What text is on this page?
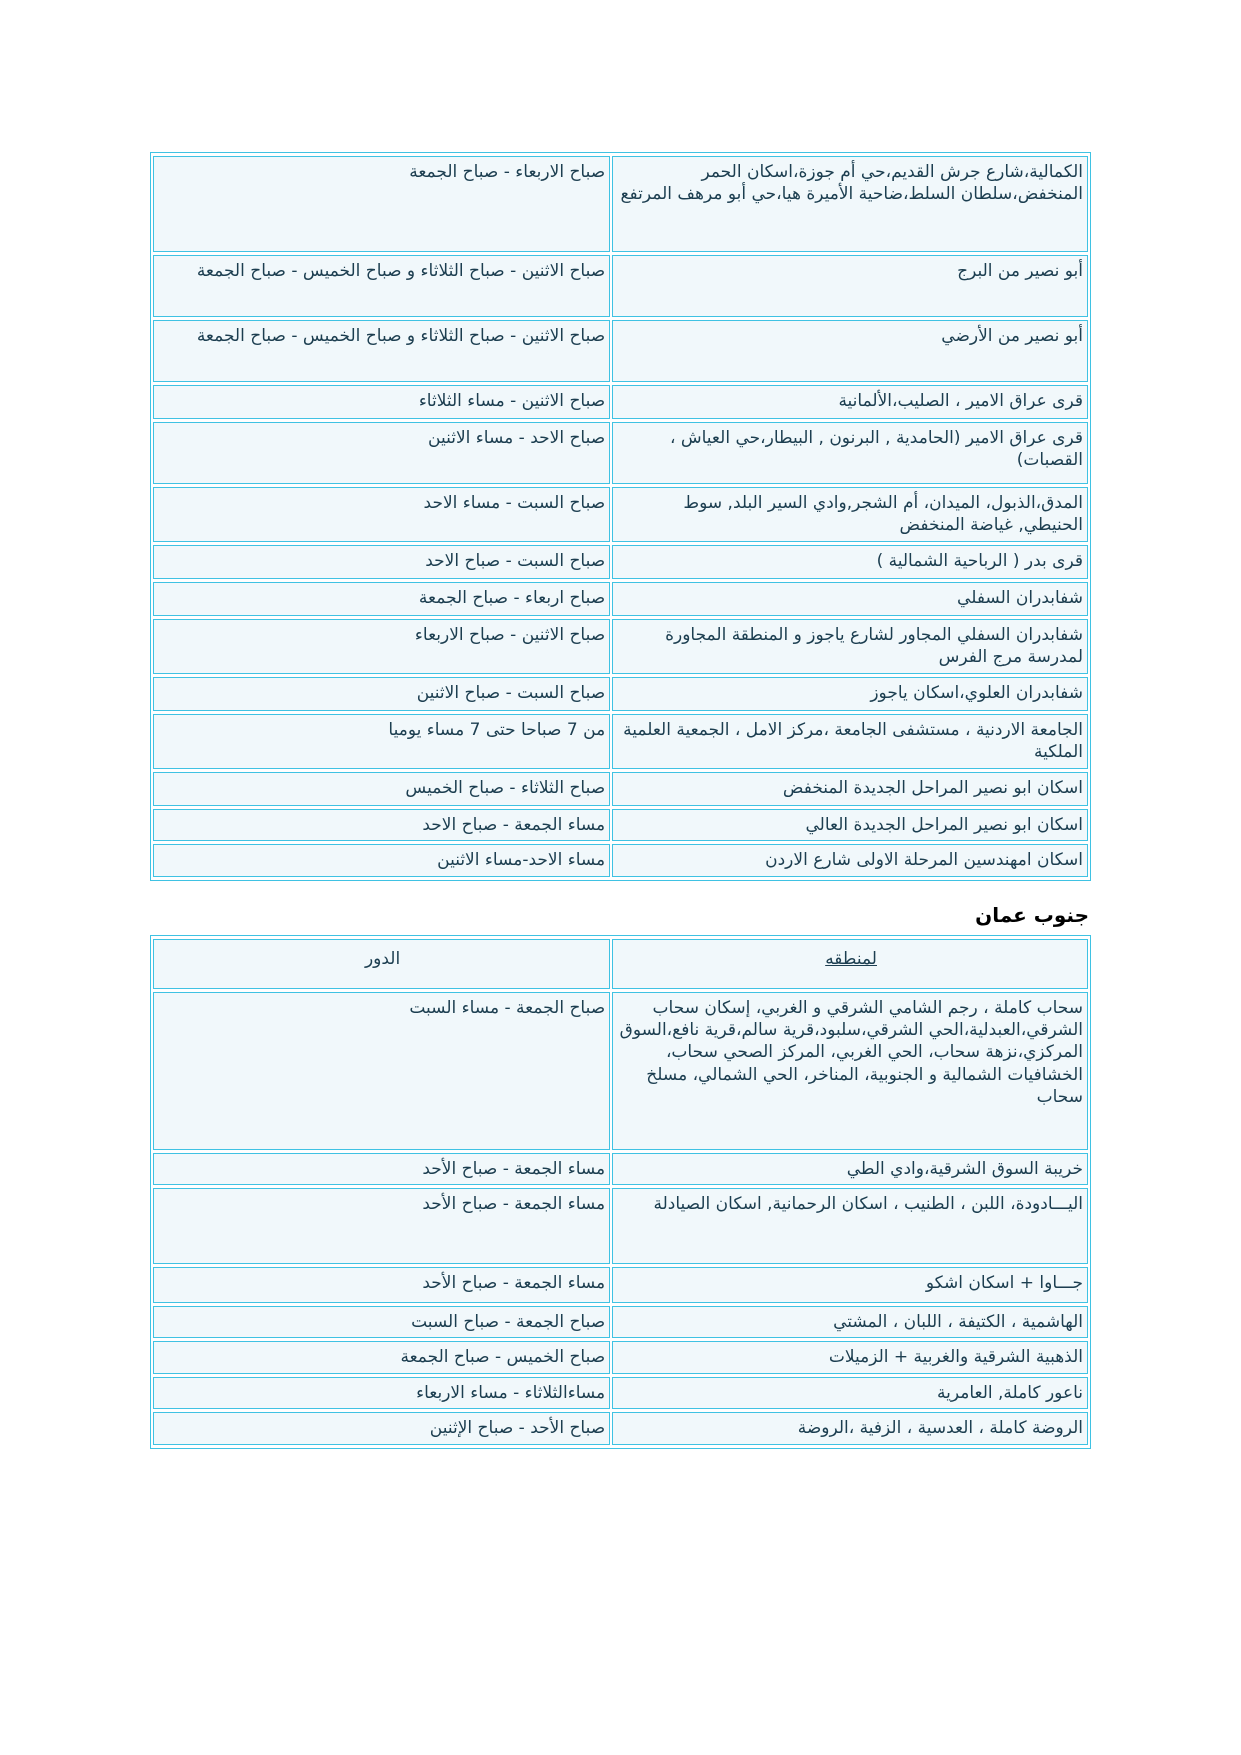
الكمالية،شارع جرش القديم،حي أم جوزة،اسكان الحمر المنخفض،سلطان السلط،ضاحية الأميرة هيا،حي أبو مرهف المرتفع	صباح الاربعاء - صباح الجمعة
أبو نصير من البرج	صباح الاثنين - صباح الثلاثاء و صباح الخميس - صباح الجمعة
أبو نصير من الأرضي	صباح الاثنين - صباح الثلاثاء و صباح الخميس - صباح الجمعة
قرى عراق الامير ، الصليب،الألمانية	صباح الاثنين - مساء الثلاثاء
قرى عراق الامير (الحامدية , البرنون , البيطار،حي العياش ، القصبات)	صباح الاحد - مساء الاثنين
المدق،الذبول، الميدان، أم الشجر,وادي السير البلد, سوط الحنيطي, غياضة المنخفض	صباح السبت - مساء الاحد
قرى بدر ( الرباحية الشمالية )	صباح السبت - صباح الاحد
شفابدران السفلي	صباح اربعاء - صباح الجمعة
شفابدران السفلي المجاور لشارع ياجوز و المنطقة المجاورة لمدرسة مرج الفرس	صباح الاثنين - صباح الاربعاء
شفابدران العلوي،اسكان ياجوز	صباح السبت - صباح الاثنين
الجامعة الاردنية ، مستشفى الجامعة ،مركز الامل ، الجمعية العلمية الملكية	من 7 صباحا حتى 7 مساء يوميا
اسكان ابو نصير المراحل الجديدة المنخفض	صباح الثلاثاء - صباح الخميس
اسكان ابو نصير المراحل الجديدة العالي	مساء الجمعة - صباح الاحد
اسكان امهندسين المرحلة الاولى شارع الاردن	مساء الاحد-مساء الاثنين
جنوب عمان
لمنطقه	الدور
سحاب كاملة ، رجم الشامي الشرقي و الغربي، إسكان سحاب الشرقي،العبدلية،الحي الشرقي،سلبود،قرية سالم،قرية نافع،السوق المركزي،نزهة سحاب، الحي الغربي، المركز الصحي سحاب، الخشافيات الشمالية و الجنوبية، المناخر، الحي الشمالي، مسلخ سحاب	صباح الجمعة - مساء السبت
خريبة السوق الشرقية،وادي الطي	مساء الجمعة - صباح الأحد
اليـــادودة، اللبن ، الطنيب ، اسكان الرحمانية, اسكان الصيادلة	مساء الجمعة - صباح الأحد
جـــاوا + اسكان اشكو	مساء الجمعة - صباح الأحد
الهاشمية ، الكتيفة ، اللبان ، المشتي	صباح الجمعة - صباح السبت
الذهبية الشرقية والغربية + الزميلات	صباح الخميس - صباح الجمعة
ناعور كاملة, العامرية	مساءالثلاثاء - مساء الاربعاء
الروضة كاملة ، العدسية ، الزفية ،الروضة	صباح الأحد - صباح الإثنين
